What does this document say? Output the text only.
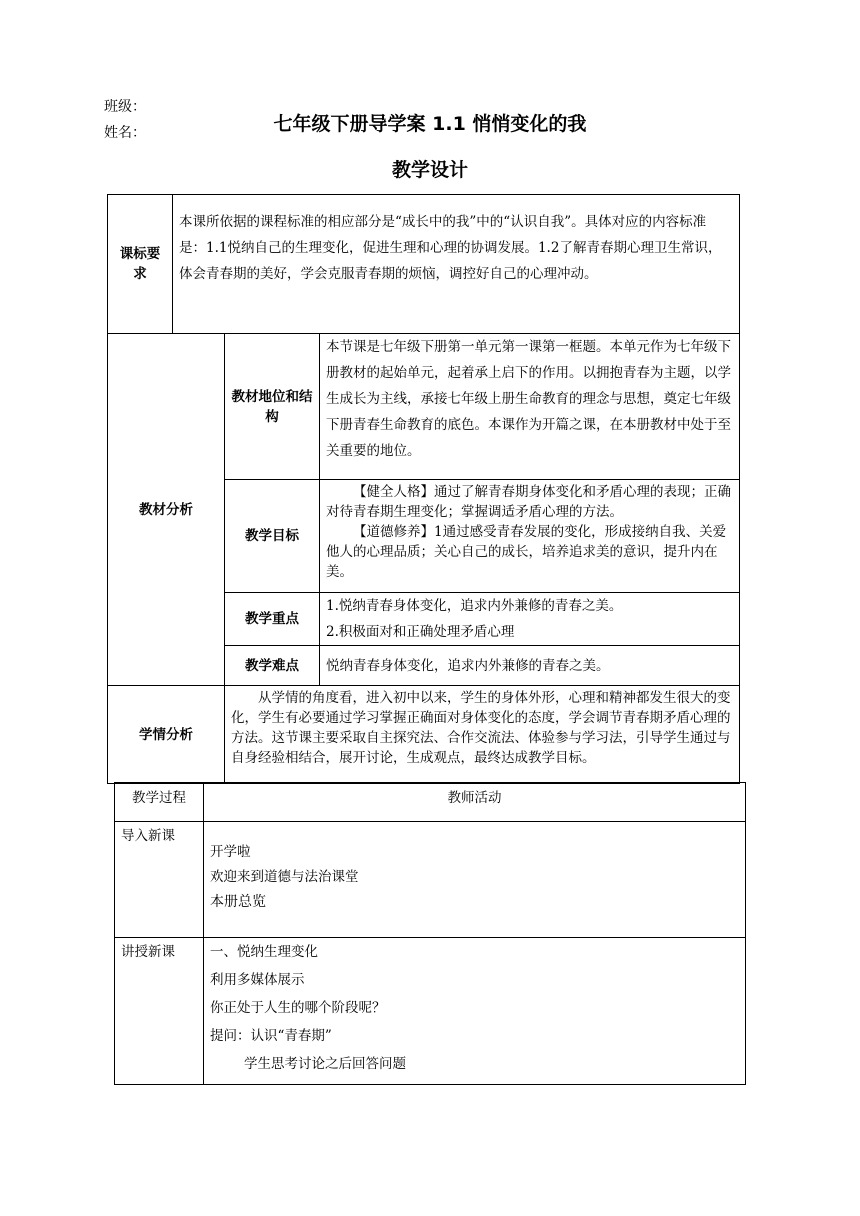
班级：
姓名：	七年级下册导学案 1.1 悄悄变化的我
教学设计
课标要求	本课所依据的课程标准的相应部分是“成长中的我”中的“认识自我”。具体对应的内容标准是：1.1悦纳自己的生理变化，促进生理和心理的协调发展。1.2了解青春期心理卫生常识，体会青春期的美好，学会克服青春期的烦恼，调控好自己的心理冲动。		
教材分析		教材地位和结构	本节课是七年级下册第一单元第一课第一框题。本单元作为七年级下册教材的起始单元，起着承上启下的作用。以拥抱青春为主题，以学生成长为主线，承接七年级上册生命教育的理念与思想，奠定七年级下册青春生命教育的底色。本课作为开篇之课，在本册教材中处于至关重要的地位。
		教学目标	【健全人格】通过了解青春期身体变化和矛盾心理的表现；正确对待青春期生理变化；掌握调适矛盾心理的方法。

【道德修养】1通过感受青春发展的变化，形成接纳自我、关爱他人的心理品质；关心自己的成长，培养追求美的意识，提升内在美。

		教学重点	1.悦纳青春身体变化，追求内外兼修的青春之美。

2.积极面对和正确处理矛盾心理

		教学难点	悦纳青春身体变化，追求内外兼修的青春之美。
学情分析		从学情的角度看，进入初中以来，学生的身体外形，心理和精神都发生很大的变化，学生有必要通过学习掌握正确面对身体变化的态度，学会调节青春期矛盾心理的方法。这节课主要采取自主探究法、合作交流法、体验参与学习法，引导学生通过与自身经验相结合，展开讨论，生成观点，最终达成教学目标。	
教学过程	教师活动
导入新课	开学啦
欢迎来到道德与法治课堂
本册总览

讲授新课	一、悦纳生理变化
利用多媒体展示
你正处于人生的哪个阶段呢？
提问：认识“青春期”
学生思考讨论之后回答问题
